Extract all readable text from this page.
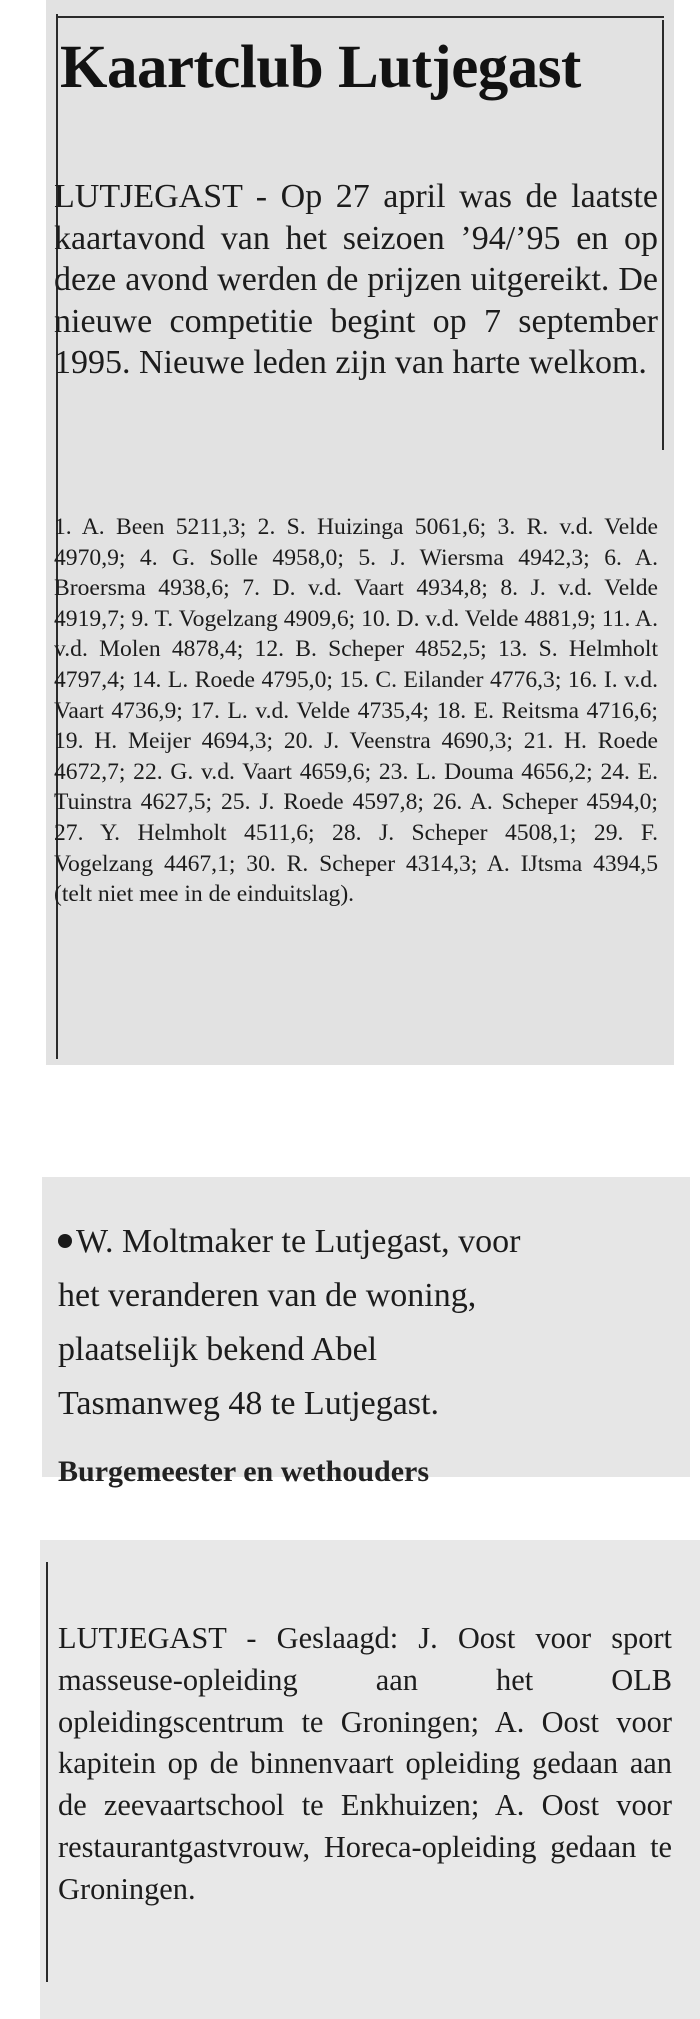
Kaartclub Lutjegast
LUTJEGAST - Op 27 april was de laatste kaartavond van het seizoen ’94/’95 en op deze avond werden de prijzen uitgereikt. De nieuwe competitie begint op 7 september 1995. Nieuwe leden zijn van harte welkom.
1. A. Been 5211,3; 2. S. Huizinga 5061,6; 3. R. v.d. Velde 4970,9; 4. G. Solle 4958,0; 5. J. Wiersma 4942,3; 6. A. Broersma 4938,6; 7. D. v.d. Vaart 4934,8; 8. J. v.d. Velde 4919,7; 9. T. Vogelzang 4909,6; 10. D. v.d. Velde 4881,9; 11. A. v.d. Molen 4878,4; 12. B. Scheper 4852,5; 13. S. Helmholt 4797,4; 14. L. Roede 4795,0; 15. C. Eilander 4776,3; 16. I. v.d. Vaart 4736,9; 17. L. v.d. Velde 4735,4; 18. E. Reitsma 4716,6; 19. H. Meijer 4694,3; 20. J. Veenstra 4690,3; 21. H. Roede 4672,7; 22. G. v.d. Vaart 4659,6; 23. L. Douma 4656,2; 24. E. Tuinstra 4627,5; 25. J. Roede 4597,8; 26. A. Scheper 4594,0; 27. Y. Helmholt 4511,6; 28. J. Scheper 4508,1; 29. F. Vogelzang 4467,1; 30. R. Scheper 4314,3; A. IJtsma 4394,5 (telt niet mee in de einduitslag).
W. Moltmaker te Lutjegast, voor
het veranderen van de woning,
plaatselijk bekend Abel
Tasmanweg 48 te Lutjegast.
Burgemeester en wethouders
LUTJEGAST - Geslaagd: J. Oost voor sport masseuse-opleiding aan het OLB opleidingscentrum te Groningen; A. Oost voor kapitein op de binnenvaart opleiding gedaan aan de zeevaartschool te Enkhuizen; A. Oost voor restaurantgastvrouw, Horeca-opleiding gedaan te Groningen.
